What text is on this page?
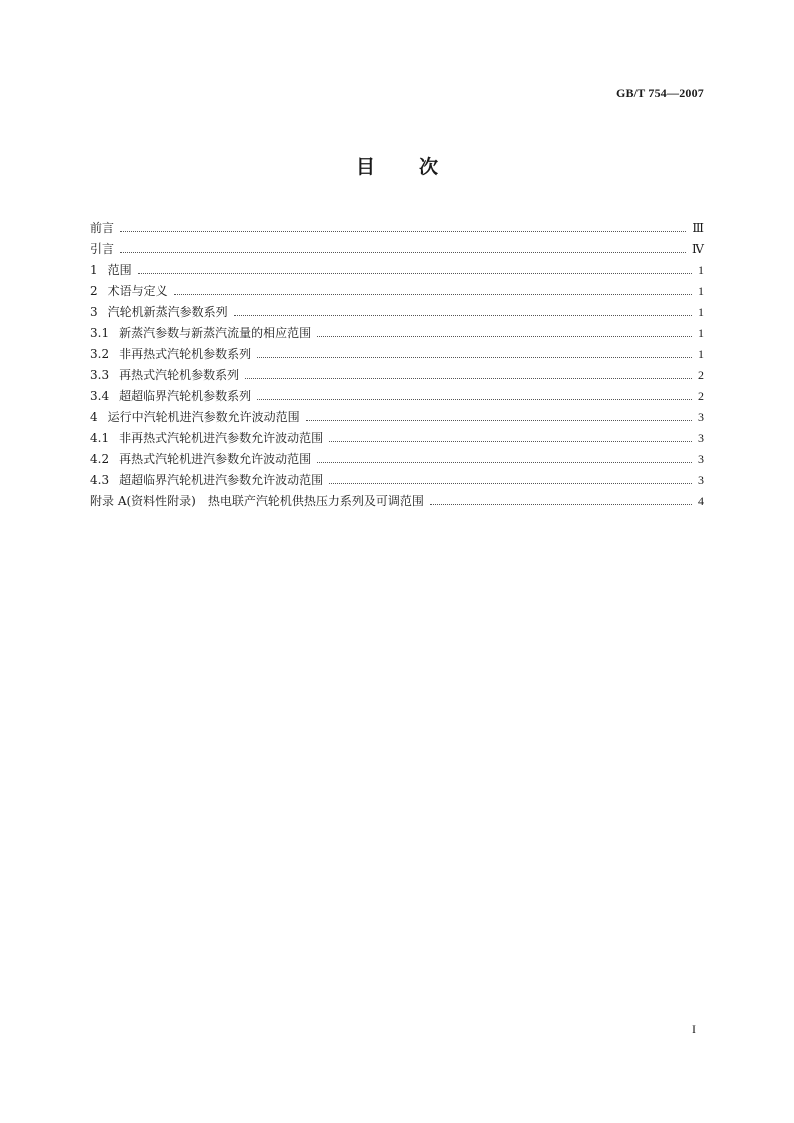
GB/T 754—2007
目 次
前言	Ⅲ
引言	Ⅳ
1 范围	1
2 术语与定义	1
3 汽轮机新蒸汽参数系列	1
3.1 新蒸汽参数与新蒸汽流量的相应范围	1
3.2 非再热式汽轮机参数系列	1
3.3 再热式汽轮机参数系列	2
3.4 超超临界汽轮机参数系列	2
4 运行中汽轮机进汽参数允许波动范围	3
4.1 非再热式汽轮机进汽参数允许波动范围	3
4.2 再热式汽轮机进汽参数允许波动范围	3
4.3 超超临界汽轮机进汽参数允许波动范围	3
附录 A(资料性附录)　热电联产汽轮机供热压力系列及可调范围	4
I
